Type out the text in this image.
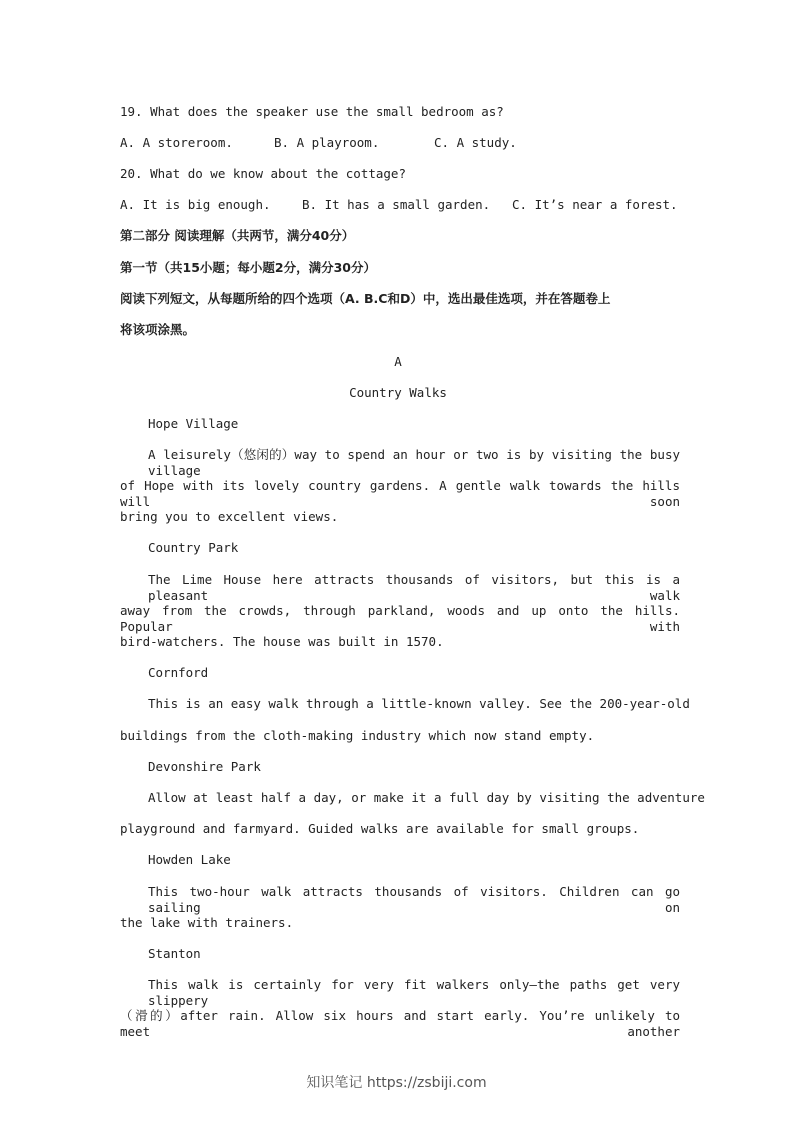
19. What does the speaker use the small bedroom as?
A. A storeroom.	B. A playroom.	C. A study.
20. What do we know about the cottage?
A. It is big enough.	B. It has a small garden.	C. It’s near a forest.
第二部分 阅读理解（共两节，满分40分）
第一节（共15小题；每小题2分，满分30分）
阅读下列短文，从每题所给的四个选项（A. B.C和D）中，选出最佳选项，并在答题卷上
将该项涂黑。
A
Country Walks
Hope Village
A leisurely（悠闲的）way to spend an hour or two is by visiting the busy village
of Hope with its lovely country gardens. A gentle walk towards the hills will soon
bring you to excellent views.
Country Park
The Lime House here attracts thousands of visitors, but this is a pleasant walk
away from the crowds, through parkland, woods and up onto the hills. Popular with
bird-watchers. The house was built in 1570.
Cornford
This is an easy walk through a little-known valley. See the 200-year-old
buildings from the cloth-making industry which now stand empty.
Devonshire Park
Allow at least half a day, or make it a full day by visiting the adventure
playground and farmyard. Guided walks are available for small groups.
Howden Lake
This two-hour walk attracts thousands of visitors. Children can go sailing on
the lake with trainers.
Stanton
This walk is certainly for very fit walkers only—the paths get very slippery
（滑的）after rain. Allow six hours and start early. You’re unlikely to meet another
知识笔记 https://zsbiji.com
